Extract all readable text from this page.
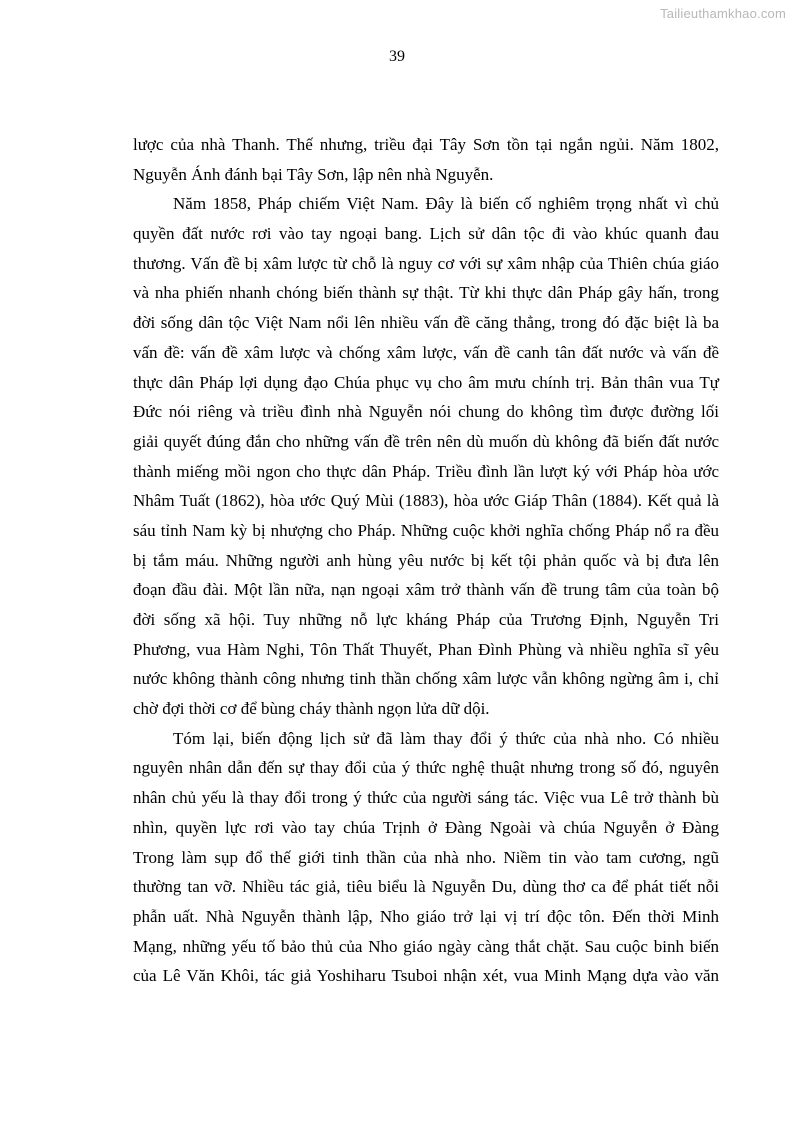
Tailieuthamkhao.com
39
lược của nhà Thanh. Thế nhưng, triều đại Tây Sơn tồn tại ngắn ngủi. Năm 1802,
Nguyễn Ánh đánh bại Tây Sơn, lập nên nhà Nguyễn.
Năm 1858, Pháp chiếm Việt Nam. Đây là biến cố nghiêm trọng nhất vì chủ
quyền đất nước rơi vào tay ngoại bang. Lịch sử dân tộc đi vào khúc quanh đau
thương. Vấn đề bị xâm lược từ chỗ là nguy cơ với sự xâm nhập của Thiên chúa giáo
và nha phiến nhanh chóng biến thành sự thật. Từ khi thực dân Pháp gây hấn, trong
đời sống dân tộc Việt Nam nổi lên nhiều vấn đề căng thẳng, trong đó đặc biệt là ba
vấn đề: vấn đề xâm lược và chống xâm lược, vấn đề canh tân đất nước và vấn đề
thực dân Pháp lợi dụng đạo Chúa phục vụ cho âm mưu chính trị. Bản thân vua Tự
Đức nói riêng và triều đình nhà Nguyễn nói chung do không tìm được đường lối
giải quyết đúng đắn cho những vấn đề trên nên dù muốn dù không đã biến đất nước
thành miếng mồi ngon cho thực dân Pháp. Triều đình lần lượt ký với Pháp hòa ước
Nhâm Tuất (1862), hòa ước Quý Mùi (1883), hòa ước Giáp Thân (1884). Kết quả là
sáu tỉnh Nam kỳ bị nhượng cho Pháp. Những cuộc khởi nghĩa chống Pháp nổ ra đều
bị tắm máu. Những người anh hùng yêu nước bị kết tội phản quốc và bị đưa lên
đoạn đầu đài. Một lần nữa, nạn ngoại xâm trở thành vấn đề trung tâm của toàn bộ
đời sống xã hội. Tuy những nỗ lực kháng Pháp của Trương Định, Nguyễn Tri
Phương, vua Hàm Nghi, Tôn Thất Thuyết, Phan Đình Phùng và nhiều nghĩa sĩ yêu
nước không thành công nhưng tinh thần chống xâm lược vẫn không ngừng âm i, chỉ
chờ đợi thời cơ để bùng cháy thành ngọn lửa dữ dội.
Tóm lại, biến động lịch sử đã làm thay đổi ý thức của nhà nho. Có nhiều
nguyên nhân dẫn đến sự thay đổi của ý thức nghệ thuật nhưng trong số đó, nguyên
nhân chủ yếu là thay đổi trong ý thức của người sáng tác. Việc vua Lê trở thành bù
nhìn, quyền lực rơi vào tay chúa Trịnh ở Đàng Ngoài và chúa Nguyễn ở Đàng
Trong làm sụp đổ thế giới tinh thần của nhà nho. Niềm tin vào tam cương, ngũ
thường tan vỡ. Nhiều tác giả, tiêu biểu là Nguyễn Du, dùng thơ ca để phát tiết nỗi
phẫn uất. Nhà Nguyễn thành lập, Nho giáo trở lại vị trí độc tôn. Đến thời Minh
Mạng, những yếu tố bảo thủ của Nho giáo ngày càng thắt chặt. Sau cuộc binh biến
của Lê Văn Khôi, tác giả Yoshiharu Tsuboi nhận xét, vua Minh Mạng dựa vào văn
